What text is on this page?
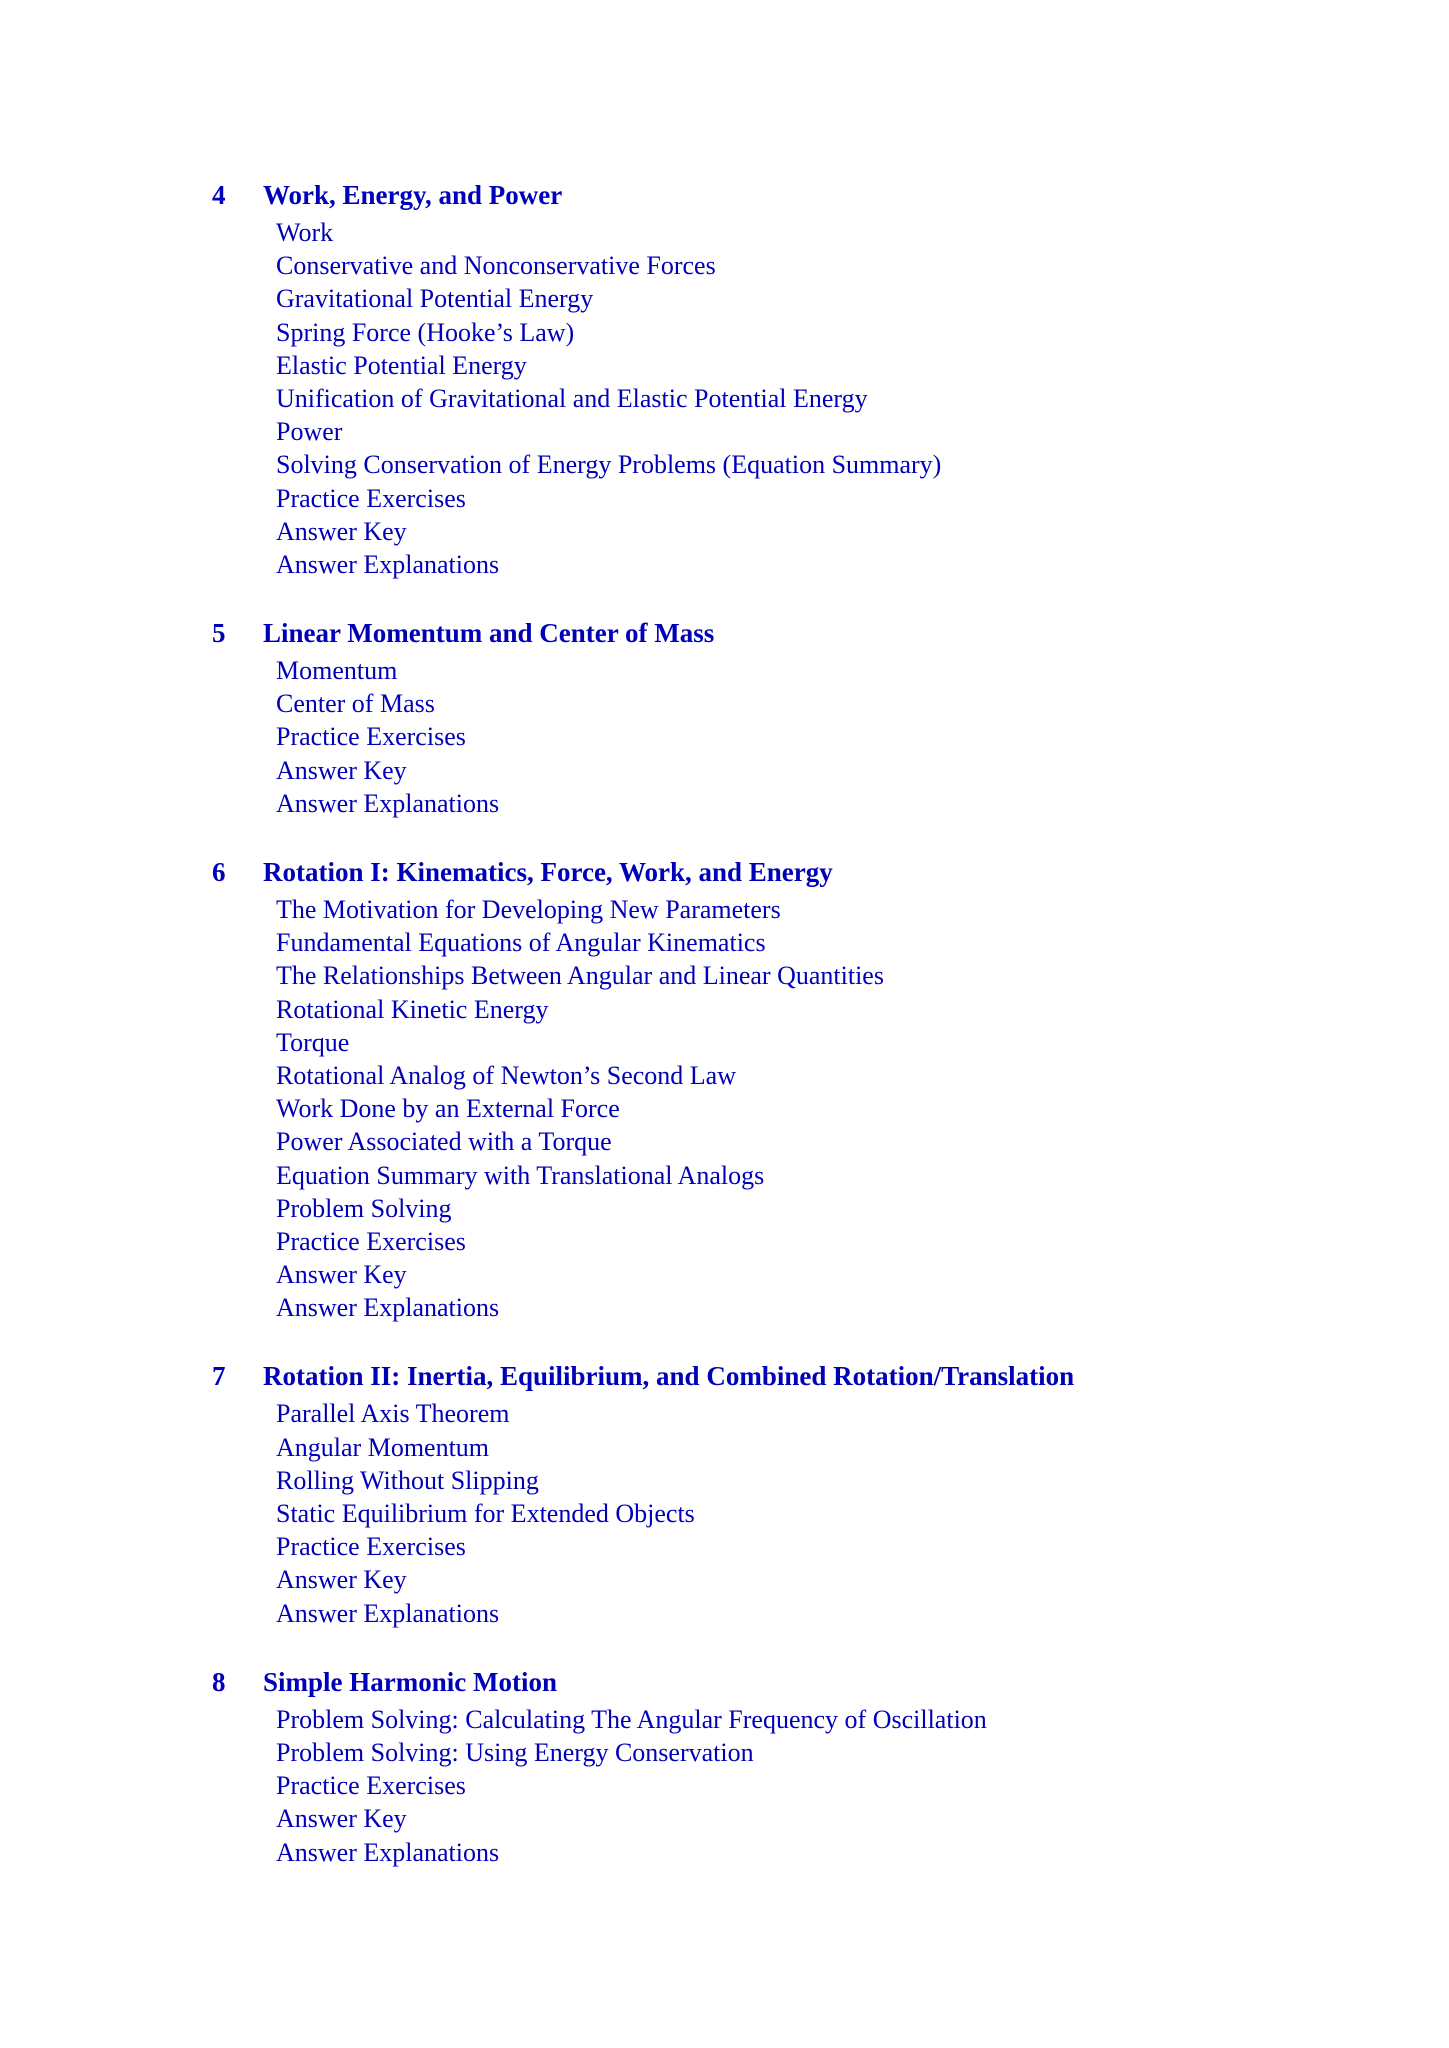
4	Work, Energy, and Power
Work
Conservative and Nonconservative Forces
Gravitational Potential Energy
Spring Force (Hooke’s Law)
Elastic Potential Energy
Unification of Gravitational and Elastic Potential Energy
Power
Solving Conservation of Energy Problems (Equation Summary)
Practice Exercises
Answer Key
Answer Explanations
5	Linear Momentum and Center of Mass
Momentum
Center of Mass
Practice Exercises
Answer Key
Answer Explanations
6	Rotation I: Kinematics, Force, Work, and Energy
The Motivation for Developing New Parameters
Fundamental Equations of Angular Kinematics
The Relationships Between Angular and Linear Quantities
Rotational Kinetic Energy
Torque
Rotational Analog of Newton’s Second Law
Work Done by an External Force
Power Associated with a Torque
Equation Summary with Translational Analogs
Problem Solving
Practice Exercises
Answer Key
Answer Explanations
7	Rotation II: Inertia, Equilibrium, and Combined Rotation/Translation
Parallel Axis Theorem
Angular Momentum
Rolling Without Slipping
Static Equilibrium for Extended Objects
Practice Exercises
Answer Key
Answer Explanations
8	Simple Harmonic Motion
Problem Solving: Calculating The Angular Frequency of Oscillation
Problem Solving: Using Energy Conservation
Practice Exercises
Answer Key
Answer Explanations
